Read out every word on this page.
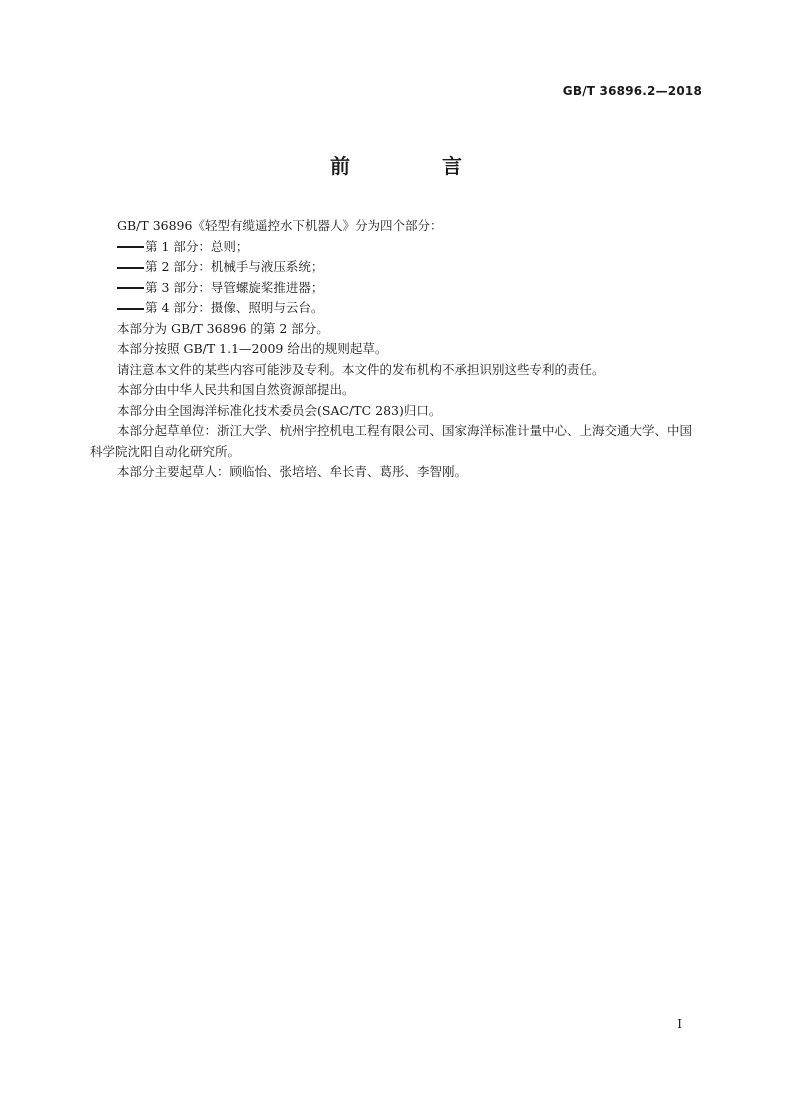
GB/T 36896.2—2018
前　言

GB/T 36896《轻型有缆遥控水下机器人》分为四个部分：

第 1 部分：总则；

第 2 部分：机械手与液压系统；

第 3 部分：导管螺旋桨推进器；

第 4 部分：摄像、照明与云台。

本部分为 GB/T 36896 的第 2 部分。

本部分按照 GB/T 1.1—2009 给出的规则起草。

请注意本文件的某些内容可能涉及专利。本文件的发布机构不承担识别这些专利的责任。

本部分由中华人民共和国自然资源部提出。

本部分由全国海洋标准化技术委员会(SAC/TC 283)归口。

本部分起草单位：浙江大学、杭州宇控机电工程有限公司、国家海洋标准计量中心、上海交通大学、中国科学院沈阳自动化研究所。

本部分主要起草人：顾临怡、张培培、牟长青、葛彤、李智刚。

I
